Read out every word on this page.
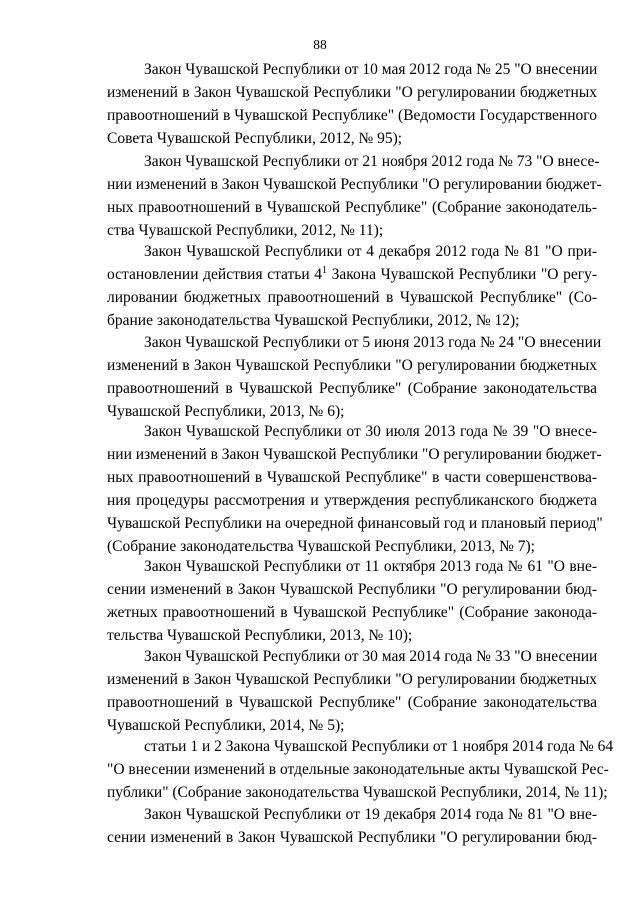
88
Закон Чувашской Республики от 10 мая 2012 года № 25 "О внесении
изменений в Закон Чувашской Республики "О регулировании бюджетных
правоотношений в Чувашской Республике" (Ведомости Государственного
Совета Чувашской Республики, 2012, № 95);
Закон Чувашской Республики от 21 ноября 2012 года № 73 "О внесе-
нии изменений в Закон Чувашской Республики "О регулировании бюджет-
ных правоотношений в Чувашской Республике" (Собрание законодатель-
ства Чувашской Республики, 2012, № 11);
Закон Чувашской Республики от 4 декабря 2012 года № 81 "О при-
остановлении действия статьи $4^1$ Закона Чувашской Республики "О регу-
лировании бюджетных правоотношений в Чувашской Республике" (Со-
брание законодательства Чувашской Республики, 2012, № 12);
Закон Чувашской Республики от 5 июня 2013 года № 24 "О внесении
изменений в Закон Чувашской Республики "О регулировании бюджетных
правоотношений в Чувашской Республике" (Собрание законодательства
Чувашской Республики, 2013, № 6);
Закон Чувашской Республики от 30 июля 2013 года № 39 "О внесе-
нии изменений в Закон Чувашской Республики "О регулировании бюджет-
ных правоотношений в Чувашской Республике" в части совершенствова-
ния процедуры рассмотрения и утверждения республиканского бюджета
Чувашской Республики на очередной финансовый год и плановый период"
(Собрание законодательства Чувашской Республики, 2013, № 7);
Закон Чувашской Республики от 11 октября 2013 года № 61 "О вне-
сении изменений в Закон Чувашской Республики "О регулировании бюд-
жетных правоотношений в Чувашской Республике" (Собрание законода-
тельства Чувашской Республики, 2013, № 10);
Закон Чувашской Республики от 30 мая 2014 года № 33 "О внесении
изменений в Закон Чувашской Республики "О регулировании бюджетных
правоотношений в Чувашской Республике" (Собрание законодательства
Чувашской Республики, 2014, № 5);
статьи 1 и 2 Закона Чувашской Республики от 1 ноября 2014 года № 64
"О внесении изменений в отдельные законодательные акты Чувашской Рес-
публики" (Собрание законодательства Чувашской Республики, 2014, № 11);
Закон Чувашской Республики от 19 декабря 2014 года № 81 "О вне-
сении изменений в Закон Чувашской Республики "О регулировании бюд-
